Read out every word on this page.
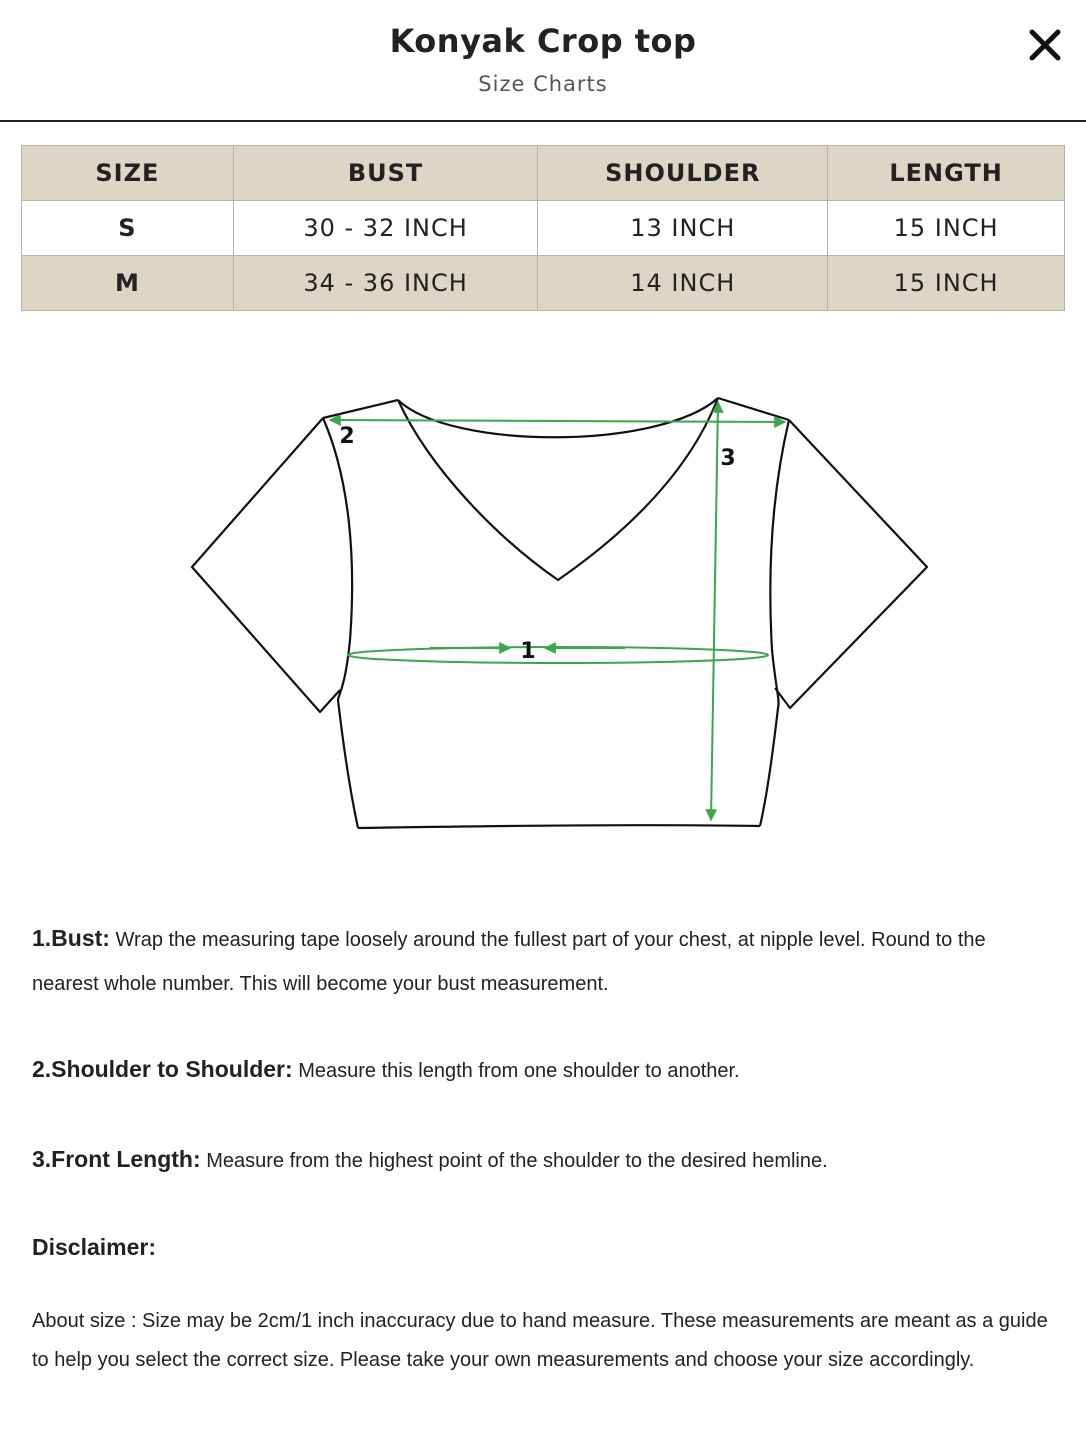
Konyak Crop top
Size Charts
SIZE	BUST	SHOULDER	LENGTH
S	30 - 32 INCH	13 INCH	15 INCH
M	34 - 36 INCH	14 INCH	15 INCH
1
2
3
1.Bust: Wrap the measuring tape loosely around the fullest part of your chest, at nipple level. Round to the nearest whole number. This will become your bust measurement.
2.Shoulder to Shoulder: Measure this length from one shoulder to another.
3.Front Length: Measure from the highest point of the shoulder to the desired hemline.
Disclaimer:
About size : Size may be 2cm/1 inch inaccuracy due to hand measure. These measurements are meant as a guide to help you select the correct size. Please take your own measurements and choose your size accordingly.
